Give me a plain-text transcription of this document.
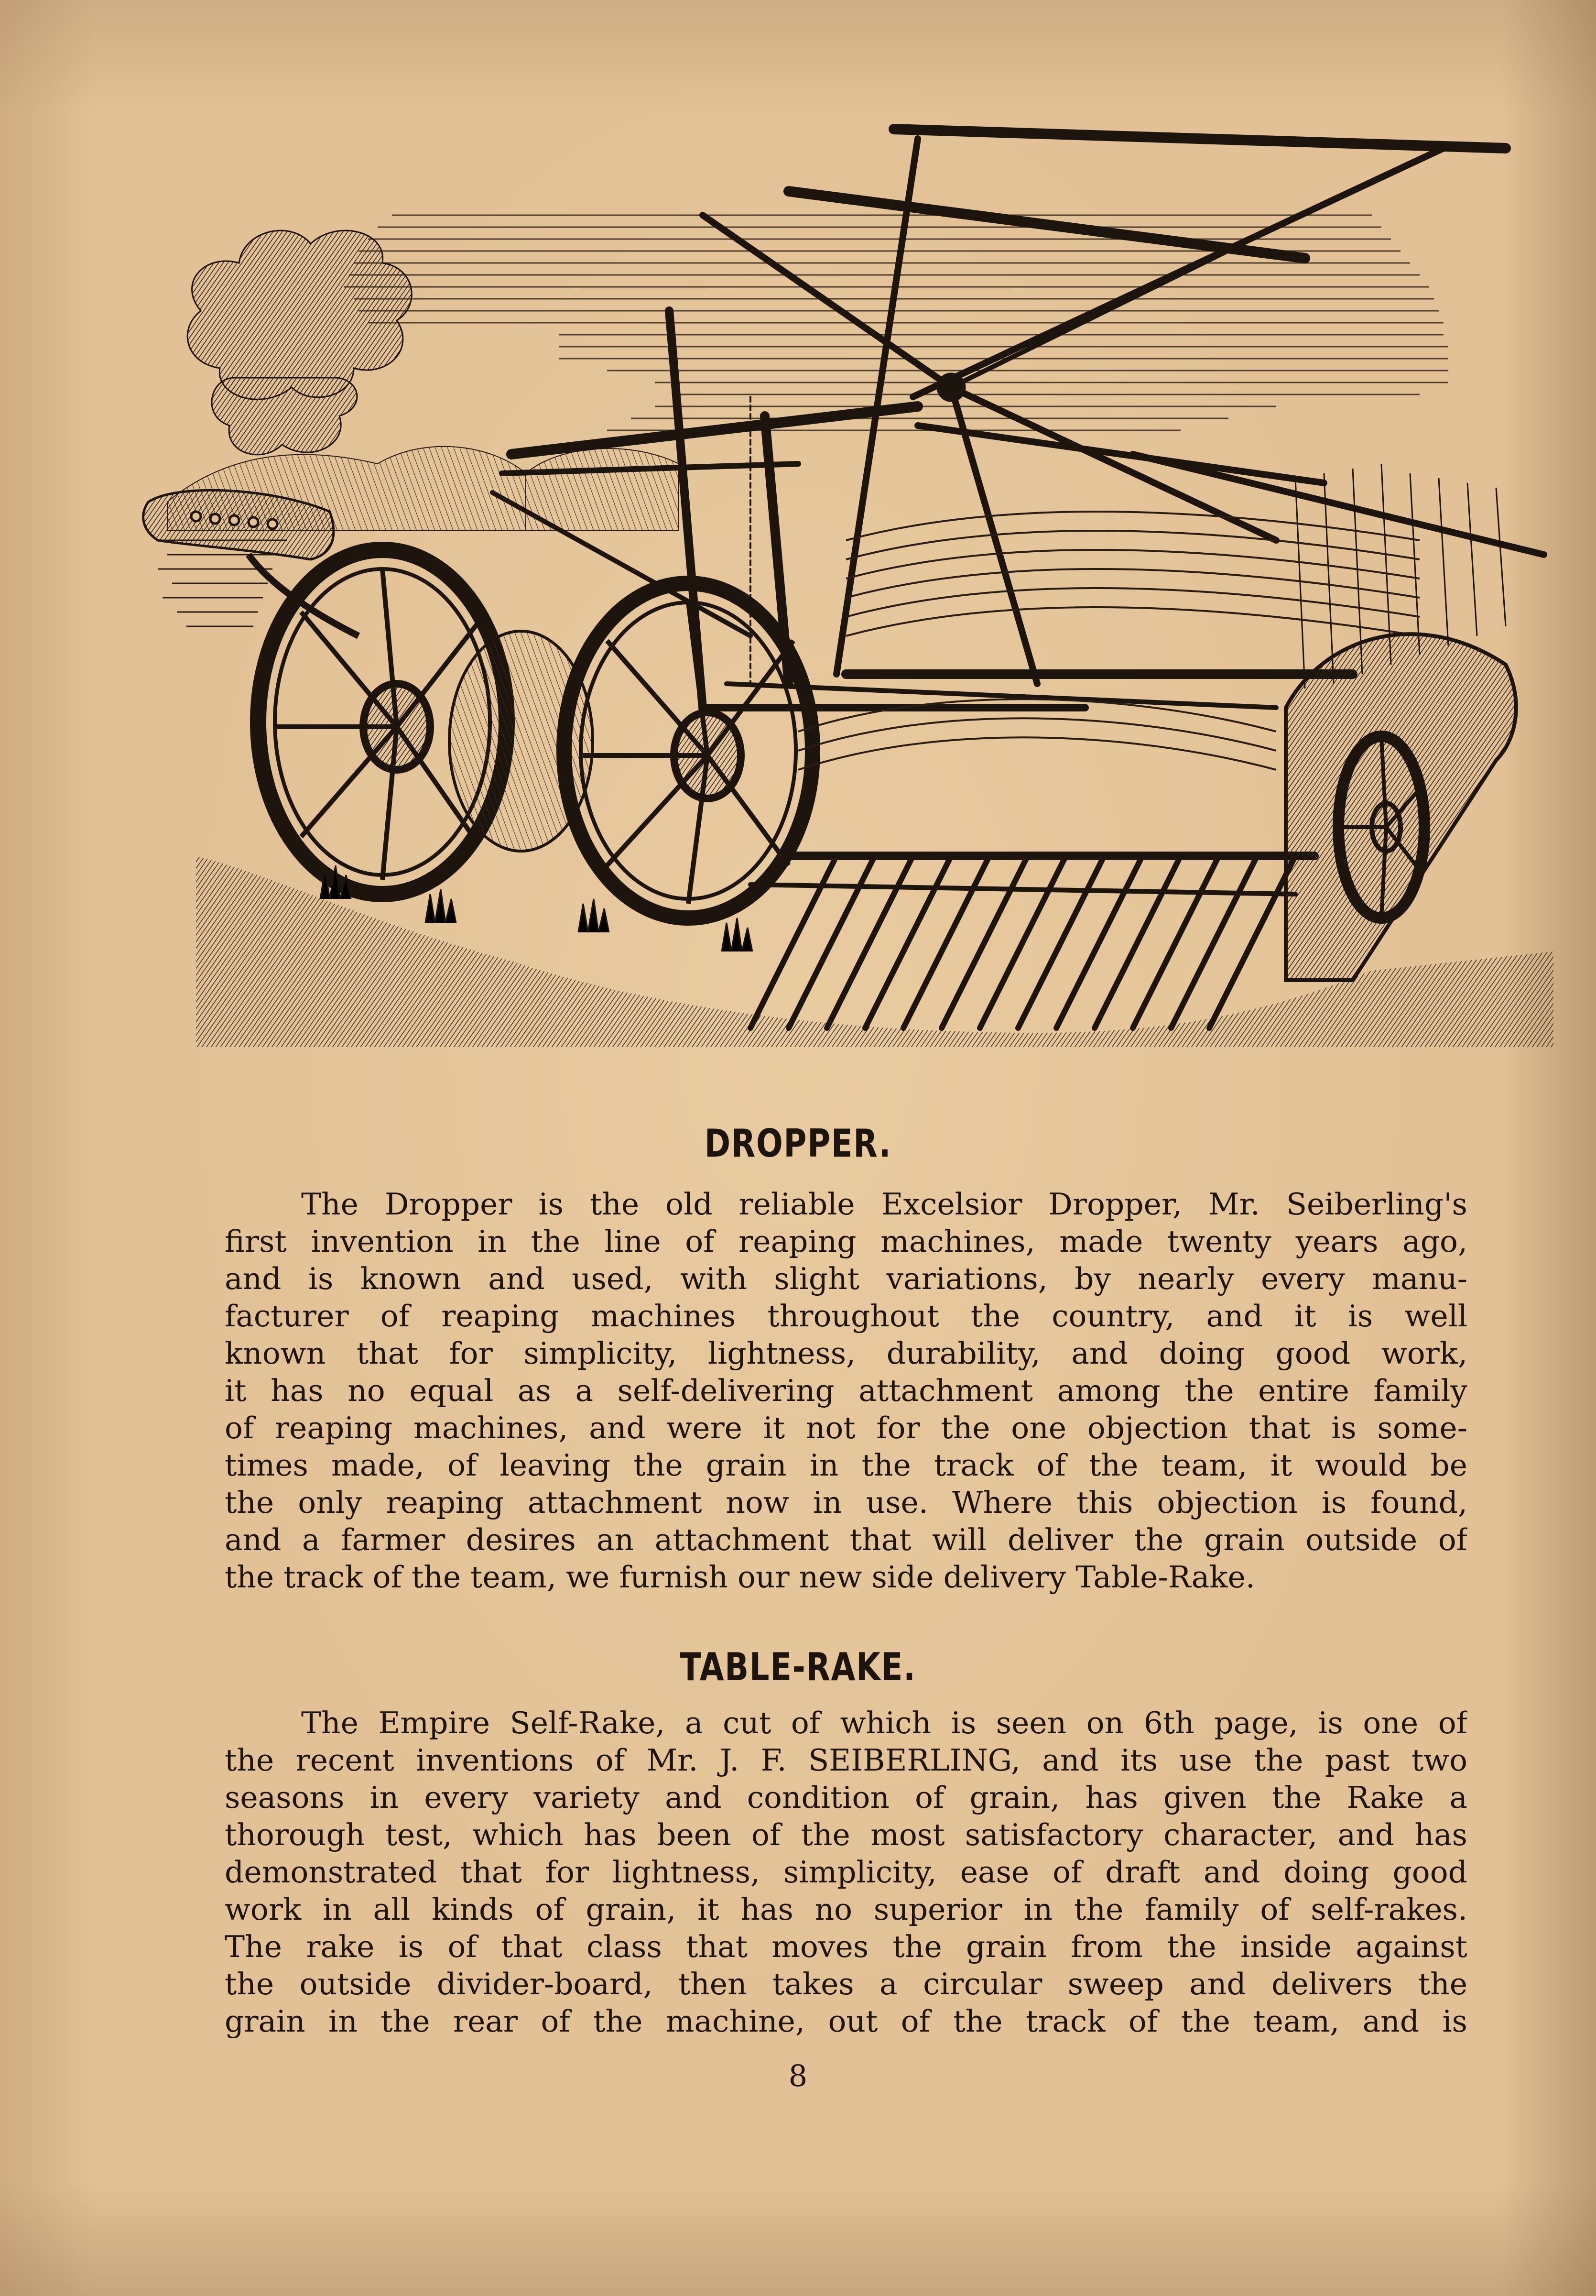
DROPPER.
The Dropper is the old reliable Excelsior Dropper, Mr. Seiberling's
first invention in the line of reaping machines, made twenty years ago,
and is known and used, with slight variations, by nearly every manu-
facturer of reaping machines throughout the country, and it is well
known that for simplicity, lightness, durability, and doing good work,
it has no equal as a self-delivering attachment among the entire family
of reaping machines, and were it not for the one objection that is some-
times made, of leaving the grain in the track of the team, it would be
the only reaping attachment now in use. Where this objection is found,
and a farmer desires an attachment that will deliver the grain outside of
the track of the team, we furnish our new side delivery Table-Rake.
TABLE-RAKE.
The Empire Self-Rake, a cut of which is seen on 6th page, is one of
the recent inventions of Mr. J. F. SEIBERLING, and its use the past two
seasons in every variety and condition of grain, has given the Rake a
thorough test, which has been of the most satisfactory character, and has
demonstrated that for lightness, simplicity, ease of draft and doing good
work in all kinds of grain, it has no superior in the family of self-rakes.
The rake is of that class that moves the grain from the inside against
the outside divider-board, then takes a circular sweep and delivers the
grain in the rear of the machine, out of the track of the team, and is
8
